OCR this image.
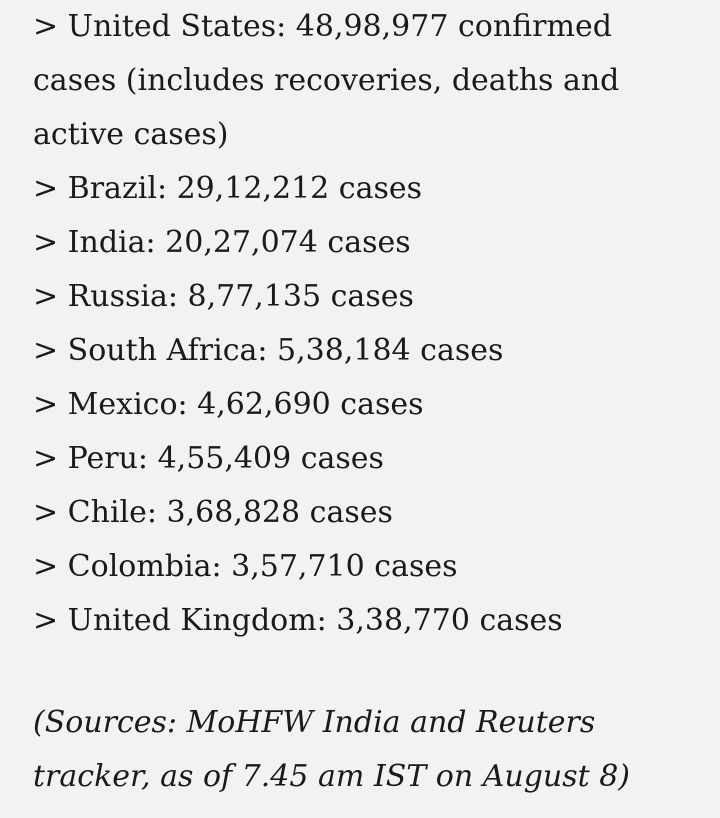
> United States: 48,98,977 confirmed cases (includes recoveries, deaths and active cases)
> Brazil: 29,12,212 cases
> India: 20,27,074 cases
> Russia: 8,77,135 cases
> South Africa: 5,38,184 cases
> Mexico: 4,62,690 cases
> Peru: 4,55,409 cases
> Chile: 3,68,828 cases
> Colombia: 3,57,710 cases
> United Kingdom: 3,38,770 cases
(Sources: MoHFW India and Reuters tracker, as of 7.45 am IST on August 8)
